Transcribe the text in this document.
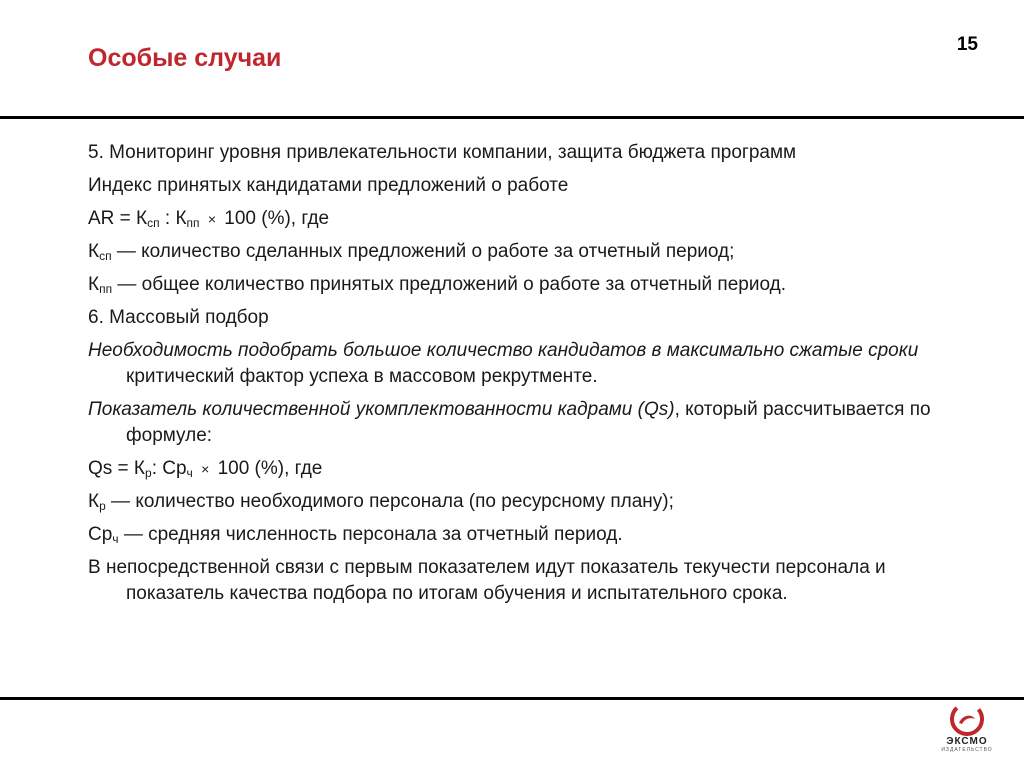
Особые случаи	15

5. Мониторинг уровня привлекательности компании, защита бюджета программ

Индекс принятых кандидатами предложений о работе

AR = $К_{сп}$ : $К_{пп} \times 100$ (%), где

$К_{сп}$ — количество сделанных предложений о работе за отчетный период;

$К_{пп}$ — общее количество принятых предложений о работе за отчетный период.

6. Массовый подбор

Необходимость подобрать большое количество кандидатов в максимально сжатые сроки критический фактор успеха в массовом рекрутменте.

Показатель количественной укомплектованности кадрами (Qs), который рассчитывается по формуле:

$Qs = К_р$: $Ср_ч \times 100$ (%), где

$К_р$ — количество необходимого персонала (по ресурсному плану);

$Ср_ч$ — средняя численность персонала за отчетный период.

В непосредственной связи с первым показателем идут показатель текучести персонала и показатель качества подбора по итогам обучения и испытательного срока.

ЭКСМО
ИЗДАТЕЛЬСТВО
